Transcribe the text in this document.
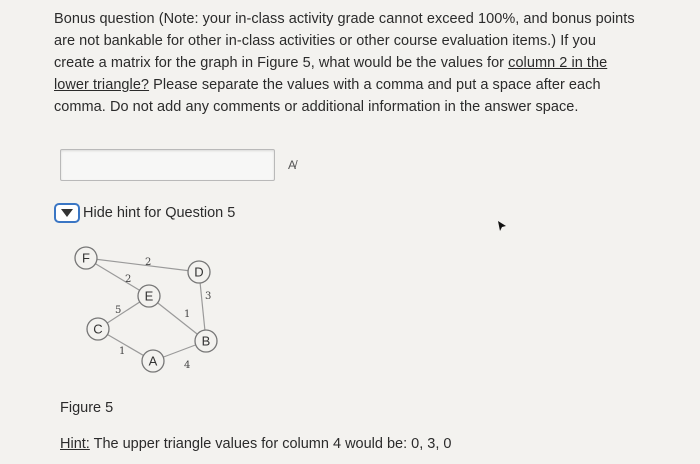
Bonus question (Note: your in-class activity grade cannot exceed 100%, and bonus points are not bankable for other in-class activities or other course evaluation items.) If you create a matrix for the graph in Figure 5, what would be the values for column 2 in the lower triangle? Please separate the values with a comma and put a space after each comma. Do not add any comments or additional information in the answer space.

A̸
Hide hint for Question 5
2
2
5	1
3
1
4
F
C
E
D
B
A
Figure 5
Hint: The upper triangle values for column 4 would be: 0, 3, 0
